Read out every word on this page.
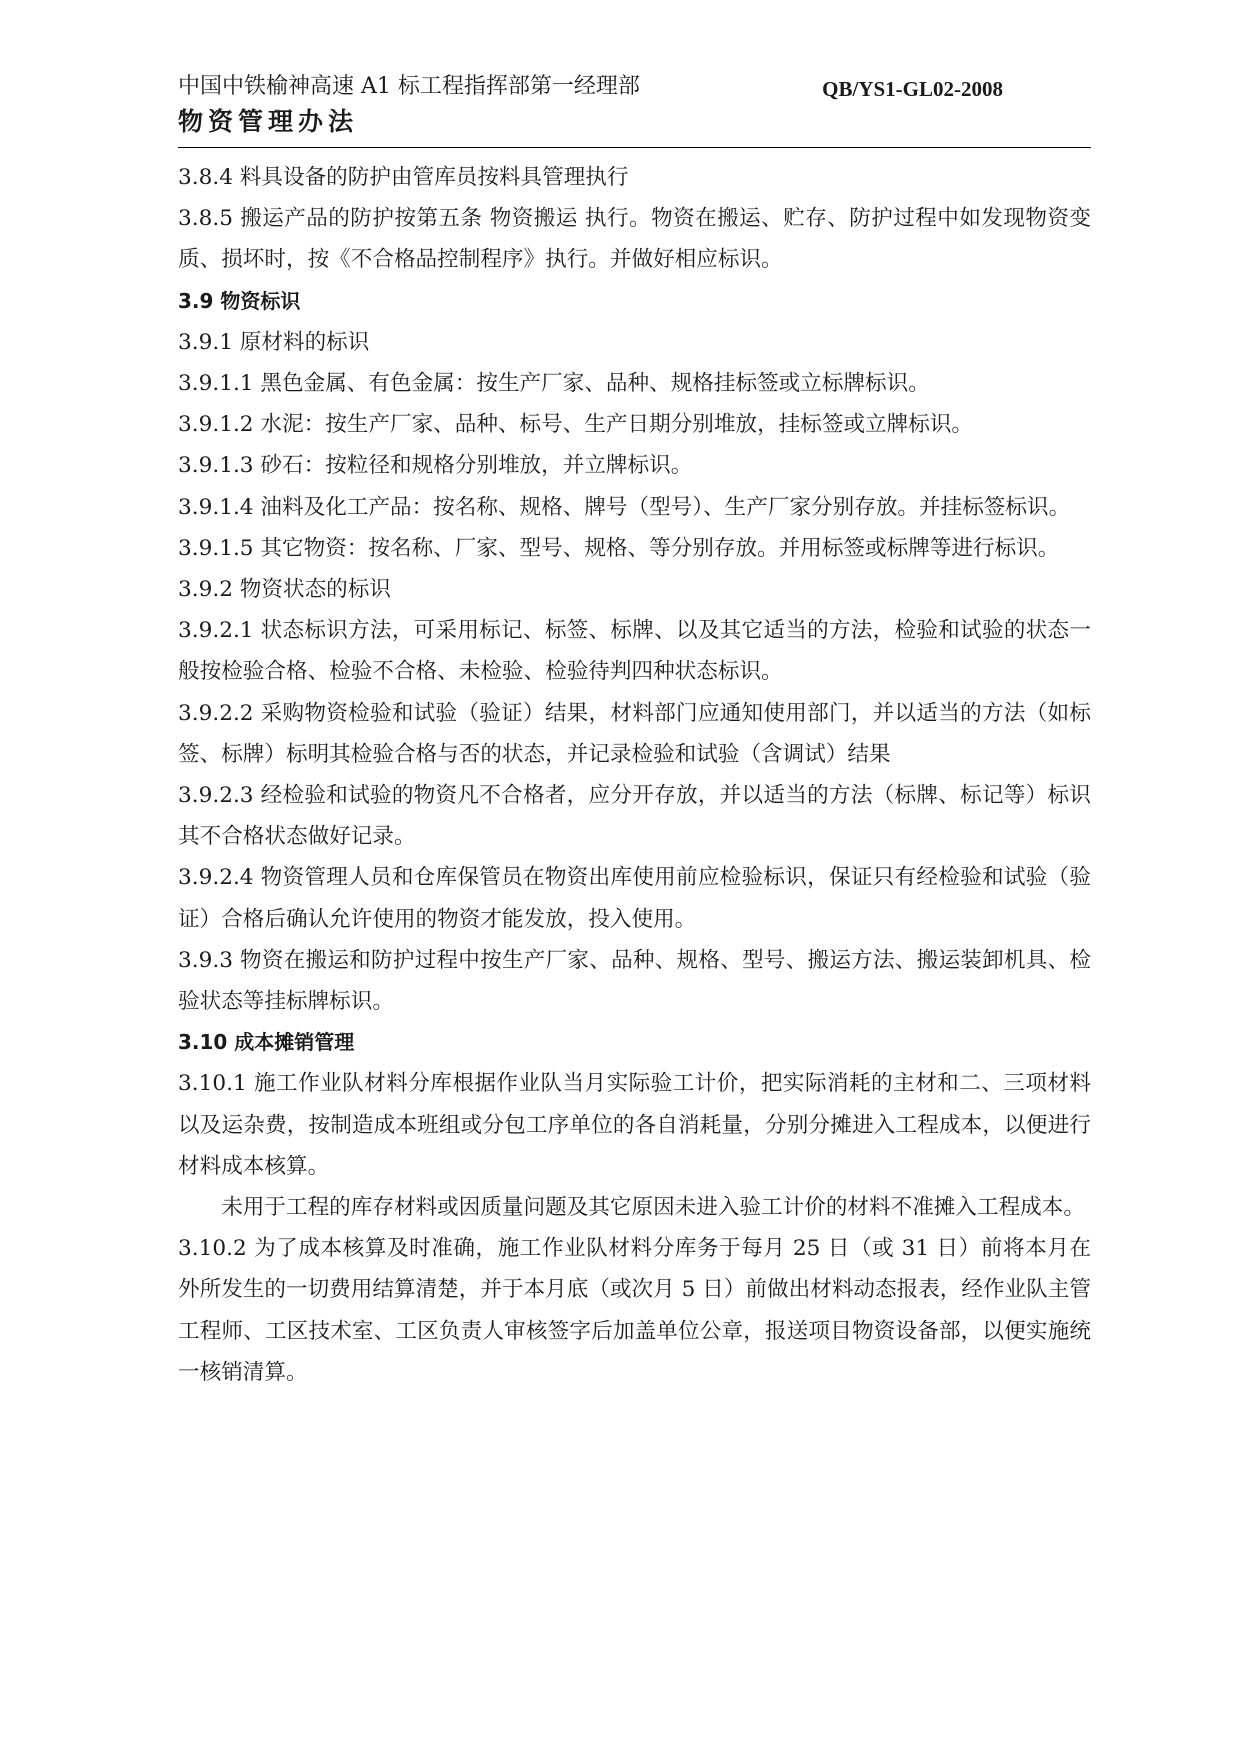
中国中铁榆神高速 A1 标工程指挥部第一经理部	QB/YS1-GL02-2008
物资管理办法

3.8.4 料具设备的防护由管库员按料具管理执行

3.8.5 搬运产品的防护按第五条 物资搬运 执行。物资在搬运、贮存、防护过程中如发现物资变质、损坏时，按《不合格品控制程序》执行。并做好相应标识。

3.9 物资标识

3.9.1 原材料的标识

3.9.1.1 黑色金属、有色金属：按生产厂家、品种、规格挂标签或立标牌标识。

3.9.1.2 水泥：按生产厂家、品种、标号、生产日期分别堆放，挂标签或立牌标识。

3.9.1.3 砂石：按粒径和规格分别堆放，并立牌标识。

3.9.1.4 油料及化工产品：按名称、规格、牌号（型号）、生产厂家分别存放。并挂标签标识。

3.9.1.5 其它物资：按名称、厂家、型号、规格、等分别存放。并用标签或标牌等进行标识。

3.9.2 物资状态的标识

3.9.2.1 状态标识方法，可采用标记、标签、标牌、以及其它适当的方法，检验和试验的状态一般按检验合格、检验不合格、未检验、检验待判四种状态标识。

3.9.2.2 采购物资检验和试验（验证）结果，材料部门应通知使用部门，并以适当的方法（如标签、标牌）标明其检验合格与否的状态，并记录检验和试验（含调试）结果

3.9.2.3 经检验和试验的物资凡不合格者，应分开存放，并以适当的方法（标牌、标记等）标识其不合格状态做好记录。

3.9.2.4 物资管理人员和仓库保管员在物资出库使用前应检验标识，保证只有经检验和试验（验证）合格后确认允许使用的物资才能发放，投入使用。

3.9.3 物资在搬运和防护过程中按生产厂家、品种、规格、型号、搬运方法、搬运装卸机具、检验状态等挂标牌标识。

3.10 成本摊销管理

3.10.1 施工作业队材料分库根据作业队当月实际验工计价，把实际消耗的主材和二、三项材料以及运杂费，按制造成本班组或分包工序单位的各自消耗量，分别分摊进入工程成本，以便进行材料成本核算。

未用于工程的库存材料或因质量问题及其它原因未进入验工计价的材料不准摊入工程成本。

3.10.2 为了成本核算及时准确，施工作业队材料分库务于每月 25 日（或 31 日）前将本月在外所发生的一切费用结算清楚，并于本月底（或次月 5 日）前做出材料动态报表，经作业队主管工程师、工区技术室、工区负责人审核签字后加盖单位公章，报送项目物资设备部，以便实施统一核销清算。
